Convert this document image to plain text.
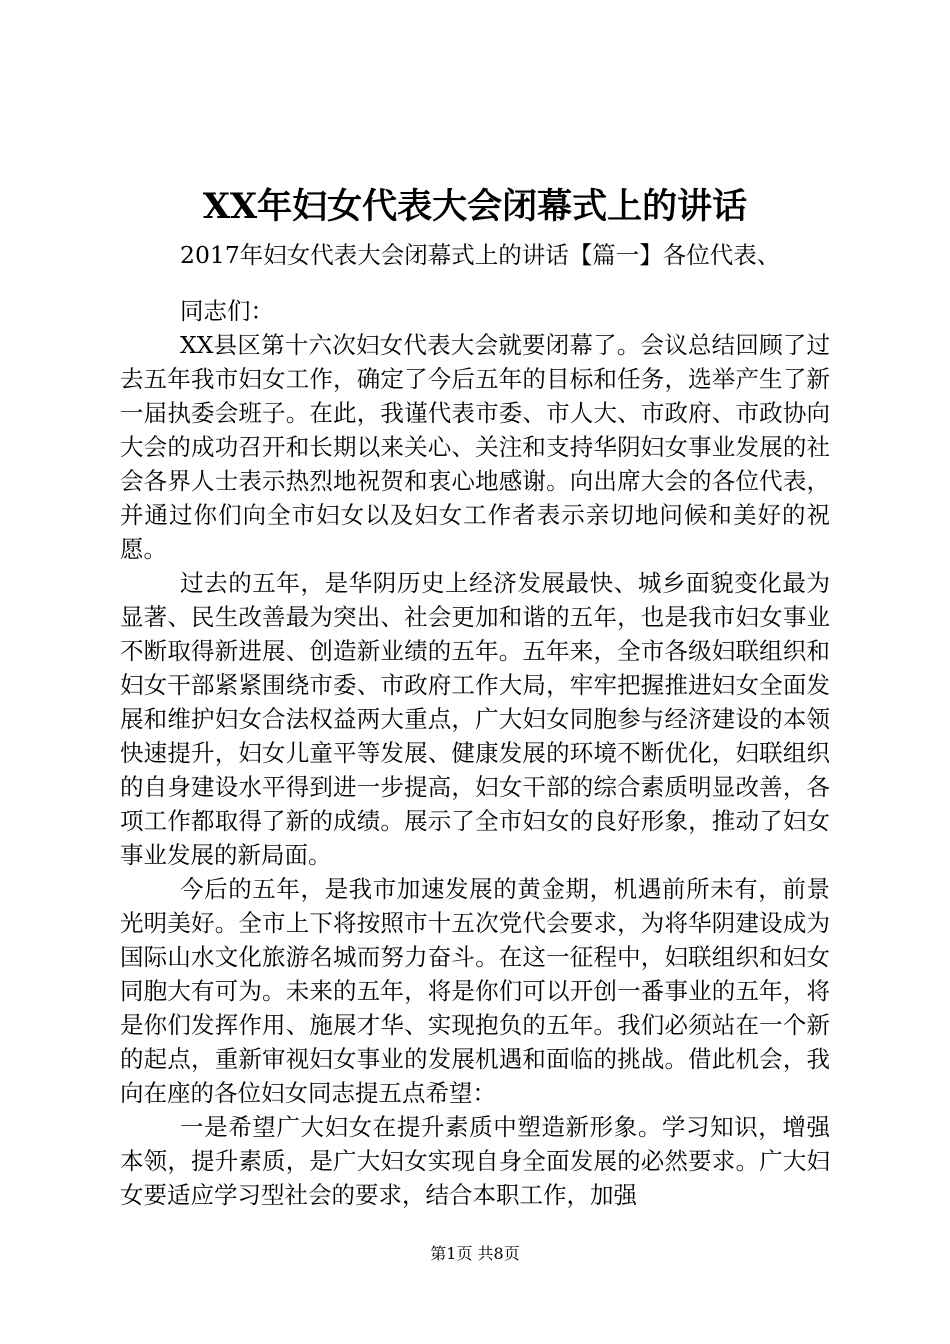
XX年妇女代表大会闭幕式上的讲话

2017年妇女代表大会闭幕式上的讲话【篇一】各位代表、

同志们：

XX县区第十六次妇女代表大会就要闭幕了。会议总结回顾了过去五年我市妇女工作，确定了今后五年的目标和任务，选举产生了新一届执委会班子。在此，我谨代表市委、市人大、市政府、市政协向大会的成功召开和长期以来关心、关注和支持华阴妇女事业发展的社会各界人士表示热烈地祝贺和衷心地感谢。向出席大会的各位代表，并通过你们向全市妇女以及妇女工作者表示亲切地问候和美好的祝愿。

过去的五年，是华阴历史上经济发展最快、城乡面貌变化最为显著、民生改善最为突出、社会更加和谐的五年，也是我市妇女事业不断取得新进展、创造新业绩的五年。五年来，全市各级妇联组织和妇女干部紧紧围绕市委、市政府工作大局，牢牢把握推进妇女全面发展和维护妇女合法权益两大重点，广大妇女同胞参与经济建设的本领快速提升，妇女儿童平等发展、健康发展的环境不断优化，妇联组织的自身建设水平得到进一步提高，妇女干部的综合素质明显改善，各项工作都取得了新的成绩。展示了全市妇女的良好形象，推动了妇女事业发展的新局面。

今后的五年，是我市加速发展的黄金期，机遇前所未有，前景光明美好。全市上下将按照市十五次党代会要求，为将华阴建设成为国际山水文化旅游名城而努力奋斗。在这一征程中，妇联组织和妇女同胞大有可为。未来的五年，将是你们可以开创一番事业的五年，将是你们发挥作用、施展才华、实现抱负的五年。我们必须站在一个新的起点，重新审视妇女事业的发展机遇和面临的挑战。借此机会，我向在座的各位妇女同志提五点希望：

一是希望广大妇女在提升素质中塑造新形象。学习知识，增强本领，提升素质，是广大妇女实现自身全面发展的必然要求。广大妇女要适应学习型社会的要求，结合本职工作，加强

第1页 共8页
